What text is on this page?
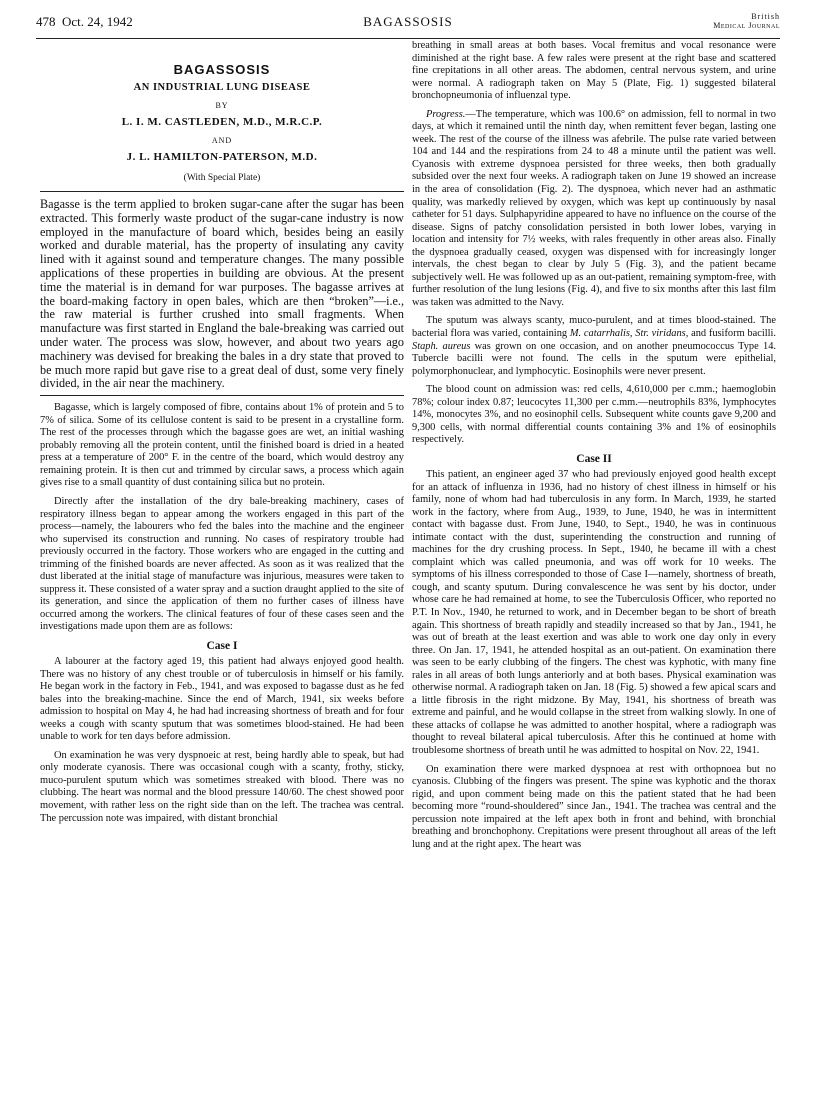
478 Oct. 24, 1942	BAGASSOSIS	British
Medical Journal
BAGASSOSIS
AN INDUSTRIAL LUNG DISEASE
BY
L. I. M. CASTLEDEN, M.D., M.R.C.P.
AND
J. L. HAMILTON-PATERSON, M.D.
(With Special Plate)

Bagasse is the term applied to broken sugar-cane after the sugar has been extracted. This formerly waste product of the sugar-cane industry is now employed in the manufacture of board which, besides being an easily worked and durable material, has the property of insulating any cavity lined with it against sound and temperature changes. The many possible applications of these properties in building are obvious. At the present time the material is in demand for war purposes. The bagasse arrives at the board-making factory in open bales, which are then “broken”—i.e., the raw material is further crushed into small fragments. When manufacture was first started in England the bale-breaking was carried out under water. The process was slow, however, and about two years ago machinery was devised for breaking the bales in a dry state that proved to be much more rapid but gave rise to a great deal of dust, some very finely divided, in the air near the machinery.

Bagasse, which is largely composed of fibre, contains about 1% of protein and 5 to 7% of silica. Some of its cellulose content is said to be present in a crystalline form. The rest of the processes through which the bagasse goes are wet, an initial washing probably removing all the protein content, until the finished board is dried in a heated press at a temperature of 200° F. in the centre of the board, which would destroy any remaining protein. It is then cut and trimmed by circular saws, a process which again gives rise to a small quantity of dust containing silica but no protein.

Directly after the installation of the dry bale-breaking machinery, cases of respiratory illness began to appear among the workers engaged in this part of the process—namely, the labourers who fed the bales into the machine and the engineer who supervised its construction and running. No cases of respiratory trouble had previously occurred in the factory. Those workers who are engaged in the cutting and trimming of the finished boards are never affected. As soon as it was realized that the dust liberated at the initial stage of manufacture was injurious, measures were taken to suppress it. These consisted of a water spray and a suction draught applied to the site of its generation, and since the application of them no further cases of illness have occurred among the workers. The clinical features of four of these cases seen and the investigations made upon them are as follows:

Case I

A labourer at the factory aged 19, this patient had always enjoyed good health. There was no history of any chest trouble or of tuberculosis in himself or his family. He began work in the factory in Feb., 1941, and was exposed to bagasse dust as he fed bales into the breaking-machine. Since the end of March, 1941, six weeks before admission to hospital on May 4, he had had increasing shortness of breath and for four weeks a cough with scanty sputum that was sometimes blood-stained. He had been unable to work for ten days before admission.

On examination he was very dyspnoeic at rest, being hardly able to speak, but had only moderate cyanosis. There was occasional cough with a scanty, frothy, sticky, muco-purulent sputum which was sometimes streaked with blood. There was no clubbing. The heart was normal and the blood pressure 140/60. The chest showed poor movement, with rather less on the right side than on the left. The trachea was central. The percussion note was impaired, with distant bronchial

breathing in small areas at both bases. Vocal fremitus and vocal resonance were diminished at the right base. A few rales were present at the right base and scattered fine crepitations in all other areas. The abdomen, central nervous system, and urine were normal. A radiograph taken on May 5 (Plate, Fig. 1) suggested bilateral bronchopneumonia of influenzal type.

Progress.—The temperature, which was 100.6° on admission, fell to normal in two days, at which it remained until the ninth day, when remittent fever began, lasting one week. The rest of the course of the illness was afebrile. The pulse rate varied between 104 and 144 and the respirations from 24 to 48 a minute until the patient was well. Cyanosis with extreme dyspnoea persisted for three weeks, then both gradually subsided over the next four weeks. A radiograph taken on June 19 showed an increase in the area of consolidation (Fig. 2). The dyspnoea, which never had an asthmatic quality, was markedly relieved by oxygen, which was kept up continuously by nasal catheter for 51 days. Sulphapyridine appeared to have no influence on the course of the disease. Signs of patchy consolidation persisted in both lower lobes, varying in location and intensity for 7½ weeks, with rales frequently in other areas also. Finally the dyspnoea gradually ceased, oxygen was dispensed with for increasingly longer intervals, the chest began to clear by July 5 (Fig. 3), and the patient became subjectively well. He was followed up as an out-patient, remaining symptom-free, with further resolution of the lung lesions (Fig. 4), and five to six months after this last film was taken was admitted to the Navy.

The sputum was always scanty, muco-purulent, and at times blood-stained. The bacterial flora was varied, containing M. catarrhalis, Str. viridans, and fusiform bacilli. Staph. aureus was grown on one occasion, and on another pneumococcus Type 14. Tubercle bacilli were not found. The cells in the sputum were epithelial, polymorphonuclear, and lymphocytic. Eosinophils were never present.

The blood count on admission was: red cells, 4,610,000 per c.mm.; haemoglobin 78%; colour index 0.87; leucocytes 11,300 per c.mm.—neutrophils 83%, lymphocytes 14%, monocytes 3%, and no eosinophil cells. Subsequent white counts gave 9,200 and 9,300 cells, with normal differential counts containing 3% and 1% of eosinophils respectively.

Case II

This patient, an engineer aged 37 who had previously enjoyed good health except for an attack of influenza in 1936, had no history of chest illness in himself or his family, none of whom had had tuberculosis in any form. In March, 1939, he started work in the factory, where from Aug., 1939, to June, 1940, he was in intermittent contact with bagasse dust. From June, 1940, to Sept., 1940, he was in continuous intimate contact with the dust, superintending the construction and running of machines for the dry crushing process. In Sept., 1940, he became ill with a chest complaint which was called pneumonia, and was off work for 10 weeks. The symptoms of his illness corresponded to those of Case I—namely, shortness of breath, cough, and scanty sputum. During convalescence he was sent by his doctor, under whose care he had remained at home, to see the Tuberculosis Officer, who reported no P.T. In Nov., 1940, he returned to work, and in December began to be short of breath again. This shortness of breath rapidly and steadily increased so that by Jan., 1941, he was out of breath at the least exertion and was able to work one day only in every three. On Jan. 17, 1941, he attended hospital as an out-patient. On examination there was seen to be early clubbing of the fingers. The chest was kyphotic, with many fine rales in all areas of both lungs anteriorly and at both bases. Physical examination was otherwise normal. A radiograph taken on Jan. 18 (Fig. 5) showed a few apical scars and a little fibrosis in the right midzone. By May, 1941, his shortness of breath was extreme and painful, and he would collapse in the street from walking slowly. In one of these attacks of collapse he was admitted to another hospital, where a radiograph was thought to reveal bilateral apical tuberculosis. After this he continued at home with troublesome shortness of breath until he was admitted to hospital on Nov. 22, 1941.

On examination there were marked dyspnoea at rest with orthopnoea but no cyanosis. Clubbing of the fingers was present. The spine was kyphotic and the thorax rigid, and upon comment being made on this the patient stated that he had been becoming more “round-shouldered” since Jan., 1941. The trachea was central and the percussion note impaired at the left apex both in front and behind, with bronchial breathing and bronchophony. Crepitations were present throughout all areas of the left lung and at the right apex. The heart was
